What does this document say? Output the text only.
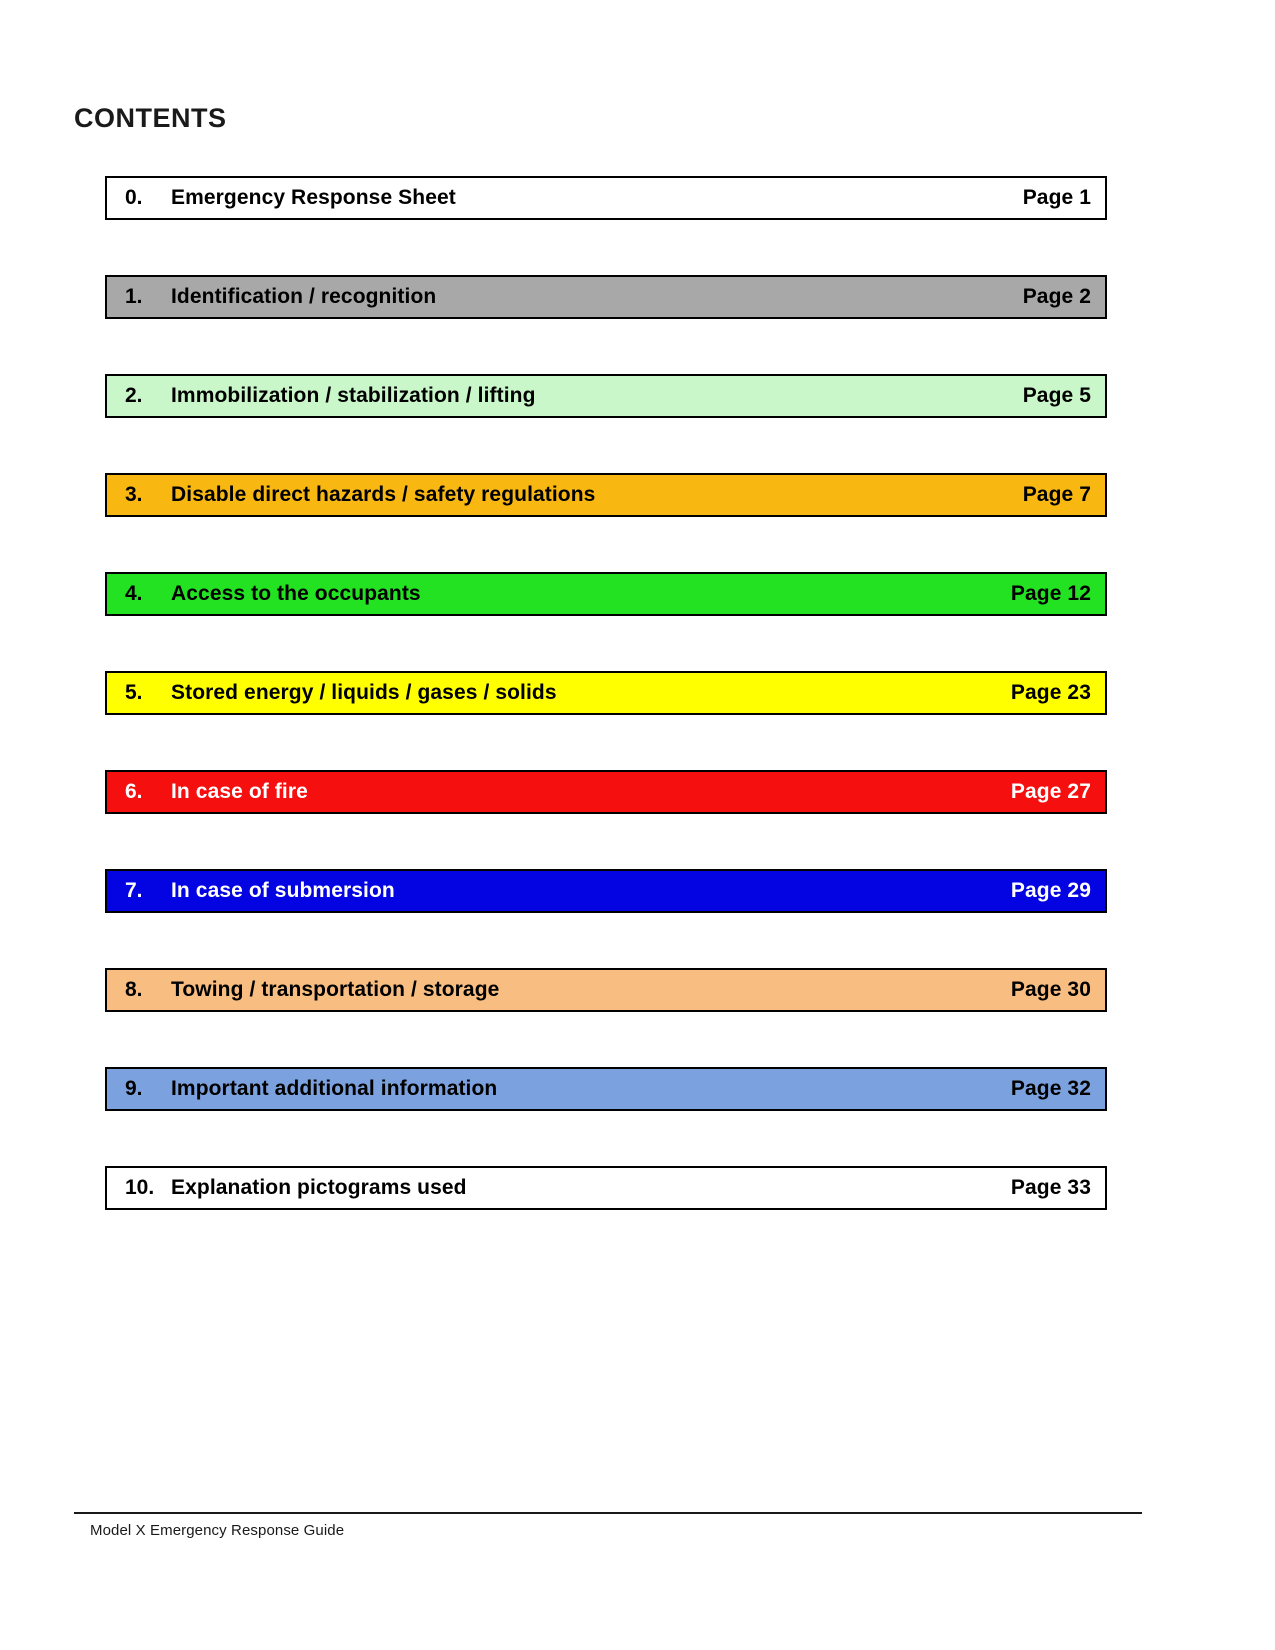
CONTENTS
0.	Emergency Response Sheet	Page 1
1.	Identification / recognition	Page 2
2.	Immobilization / stabilization / lifting	Page 5
3.	Disable direct hazards / safety regulations	Page 7
4.	Access to the occupants	Page 12
5.	Stored energy / liquids / gases / solids	Page 23
6.	In case of fire	Page 27
7.	In case of submersion	Page 29
8.	Towing / transportation / storage	Page 30
9.	Important additional information	Page 32
10. Explanation pictograms used	Page 33
Model X Emergency Response Guide
